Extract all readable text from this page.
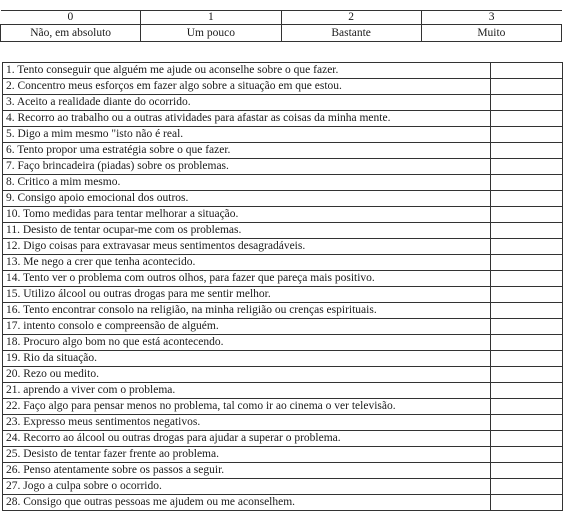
0	1	2	3
Não, em absoluto	Um pouco	Bastante	Muito
1. Tento conseguir que alguém me ajude ou aconselhe sobre o que fazer.	
2. Concentro meus esforços em fazer algo sobre a situação em que estou.	
3. Aceito a realidade diante do ocorrido.	
4. Recorro ao trabalho ou a outras atividades para afastar as coisas da minha mente.	
5. Digo a mim mesmo "isto não é real.	
6. Tento propor uma estratégia sobre o que fazer.	
7. Faço brincadeira (piadas) sobre os problemas.	
8. Critico a mim mesmo.	
9. Consigo apoio emocional dos outros.	
10. Tomo medidas para tentar melhorar a situação.	
11. Desisto de tentar ocupar-me com os problemas.	
12. Digo coisas para extravasar meus sentimentos desagradáveis.	
13. Me nego a crer que tenha acontecido.	
14. Tento ver o problema com outros olhos, para fazer que pareça mais positivo.	
15. Utilizo álcool ou outras drogas para me sentir melhor.	
16. Tento encontrar consolo na religião, na minha religião ou crenças espirituais.	
17. intento consolo e compreensão de alguém.	
18. Procuro algo bom no que está acontecendo.	
19. Rio da situação.	
20. Rezo ou medito.	
21. aprendo a viver com o problema.	
22. Faço algo para pensar menos no problema, tal como ir ao cinema o ver televisão.	
23. Expresso meus sentimentos negativos.	
24. Recorro ao álcool ou outras drogas para ajudar a superar o problema.	
25. Desisto de tentar fazer frente ao problema.	
26. Penso atentamente sobre os passos a seguir.	
27. Jogo a culpa sobre o ocorrido.	
28. Consigo que outras pessoas me ajudem ou me aconselhem.	
